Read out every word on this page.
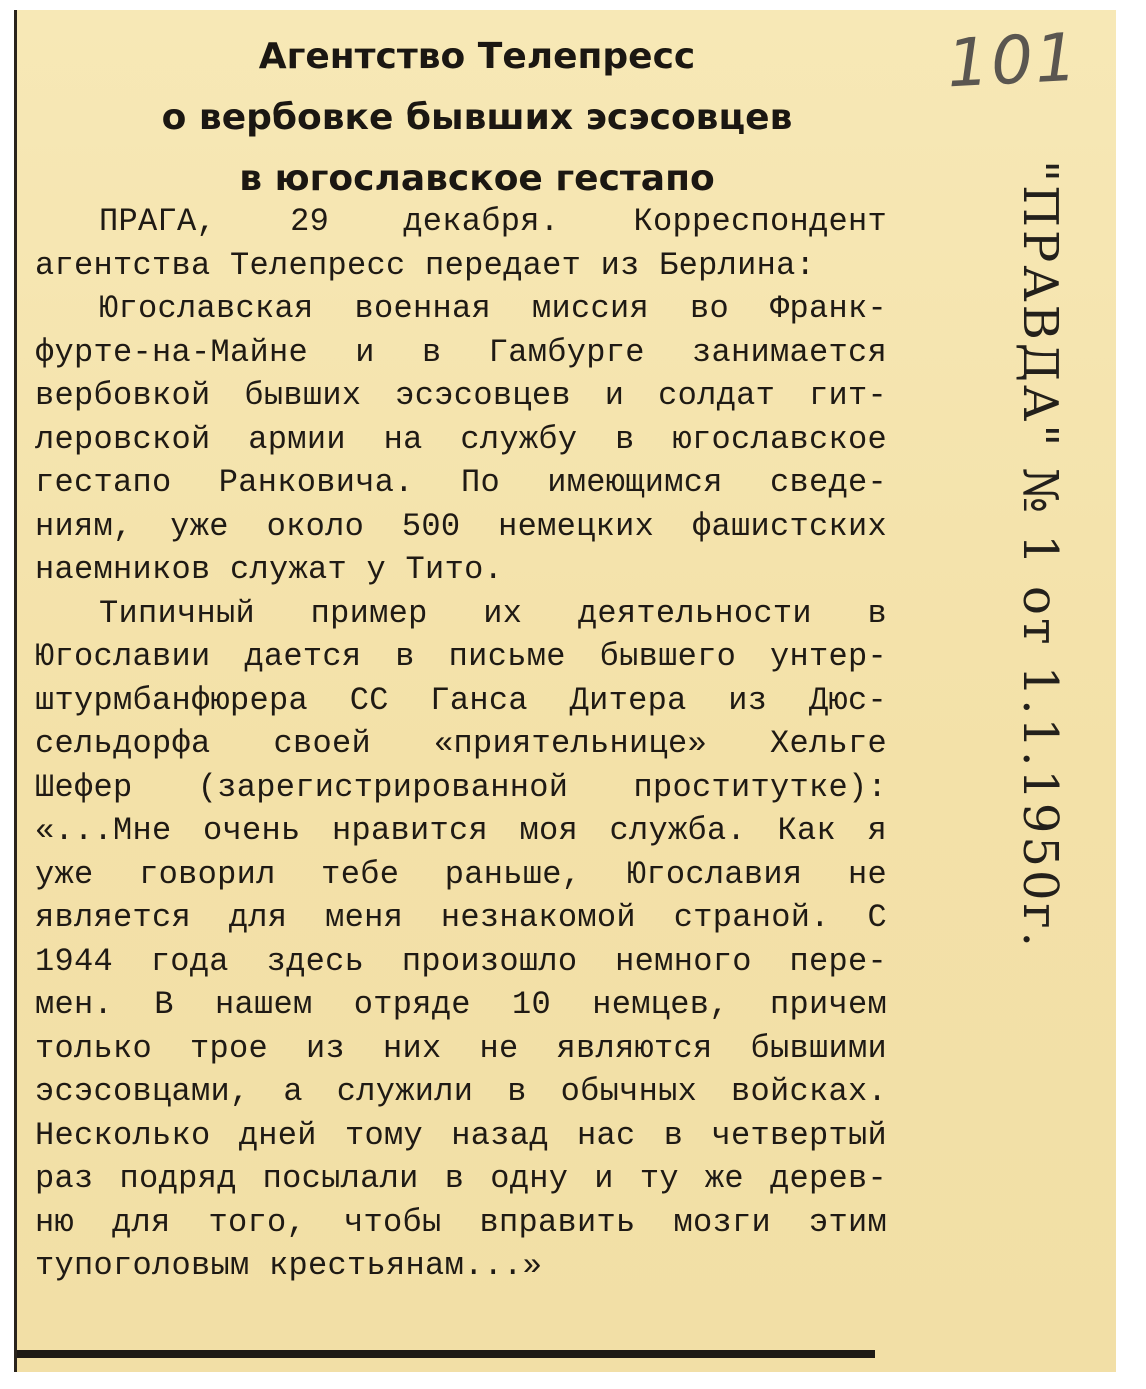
Агентство Телепресс
о вербовке бывших эсэсовцев
в югославское гестапо

ПРАГА, 29 декабря. Корреспондент
агентства Телепресс передает из Берлина:

Югославская военная миссия во Франк-
фурте-на-Майне и в Гамбурге занимается
вербовкой бывших эсэсовцев и солдат гит-
леровской армии на службу в югославское
гестапо Ранковича. По имеющимся сведе-
ниям, уже около 500 немецких фашистских
наемников служат у Тито.

Типичный пример их деятельности в
Югославии дается в письме бывшего унтер-
штурмбанфюрера СС Ганса Дитера из Дюс-
сельдорфа своей «приятельнице» Хельге
Шефер (зарегистрированной проститутке):
«...Мне очень нравится моя служба. Как я
уже говорил тебе раньше, Югославия не
является для меня незнакомой страной. С
1944 года здесь произошло немного пере-
мен. В нашем отряде 10 немцев, причем
только трое из них не являются бывшими
эсэсовцами, а служили в обычных войсках.
Несколько дней тому назад нас в четвертый
раз подряд посылали в одну и ту же дерев-
ню для того, чтобы вправить мозги этим
тупоголовым крестьянам...»

101
"ПРАВДА" № 1 от 1.1.1950г.
